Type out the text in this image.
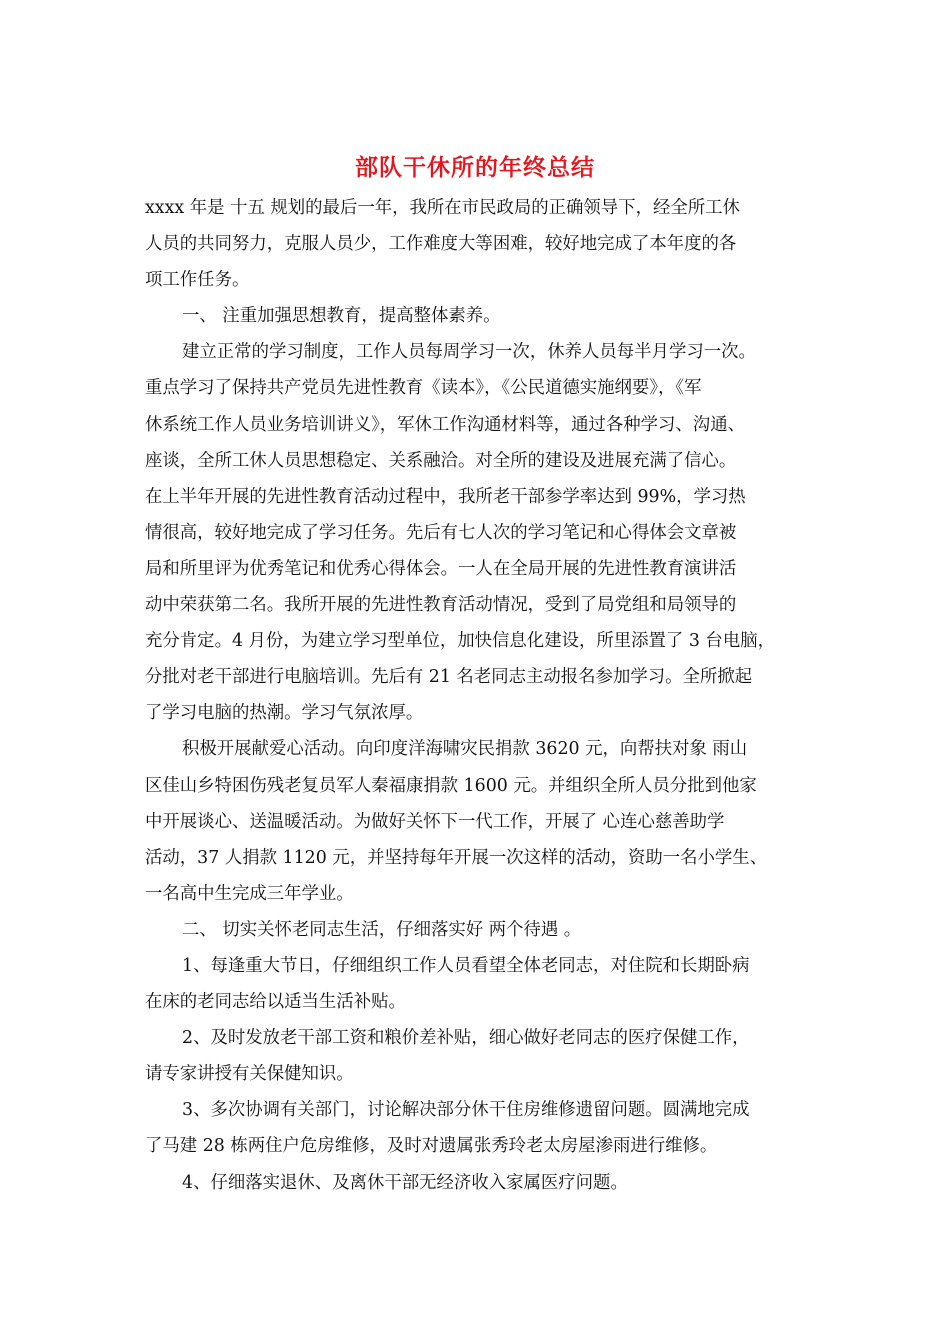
部队干休所的年终总结
xxxx 年是 十五 规划的最后一年，我所在市民政局的正确领导下，经全所工休
人员的共同努力，克服人员少，工作难度大等困难，较好地完成了本年度的各
项工作任务。
一、 注重加强思想教育，提高整体素养。
建立正常的学习制度，工作人员每周学习一次，休养人员每半月学习一次。
重点学习了保持共产党员先进性教育《读本》，《公民道德实施纲要》，《军
休系统工作人员业务培训讲义》，军休工作沟通材料等，通过各种学习、沟通、
座谈，全所工休人员思想稳定、关系融洽。对全所的建设及进展充满了信心。
在上半年开展的先进性教育活动过程中，我所老干部参学率达到 99%，学习热
情很高，较好地完成了学习任务。先后有七人次的学习笔记和心得体会文章被
局和所里评为优秀笔记和优秀心得体会。一人在全局开展的先进性教育演讲活
动中荣获第二名。我所开展的先进性教育活动情况，受到了局党组和局领导的
充分肯定。4 月份，为建立学习型单位，加快信息化建设，所里添置了 3 台电脑，
分批对老干部进行电脑培训。先后有 21 名老同志主动报名参加学习。全所掀起
了学习电脑的热潮。学习气氛浓厚。
积极开展献爱心活动。向印度洋海啸灾民捐款 3620 元，向帮扶对象 雨山
区佳山乡特困伤残老复员军人秦福康捐款 1600 元。并组织全所人员分批到他家
中开展谈心、送温暖活动。为做好关怀下一代工作，开展了 心连心慈善助学
活动，37 人捐款 1120 元，并坚持每年开展一次这样的活动，资助一名小学生、
一名高中生完成三年学业。
二、 切实关怀老同志生活，仔细落实好 两个待遇 。
1、每逢重大节日，仔细组织工作人员看望全体老同志，对住院和长期卧病
在床的老同志给以适当生活补贴。
2、及时发放老干部工资和粮价差补贴，细心做好老同志的医疗保健工作，
请专家讲授有关保健知识。
3、多次协调有关部门，讨论解决部分休干住房维修遗留问题。圆满地完成
了马建 28 栋两住户危房维修，及时对遗属张秀玲老太房屋渗雨进行维修。
4、仔细落实退休、及离休干部无经济收入家属医疗问题。
